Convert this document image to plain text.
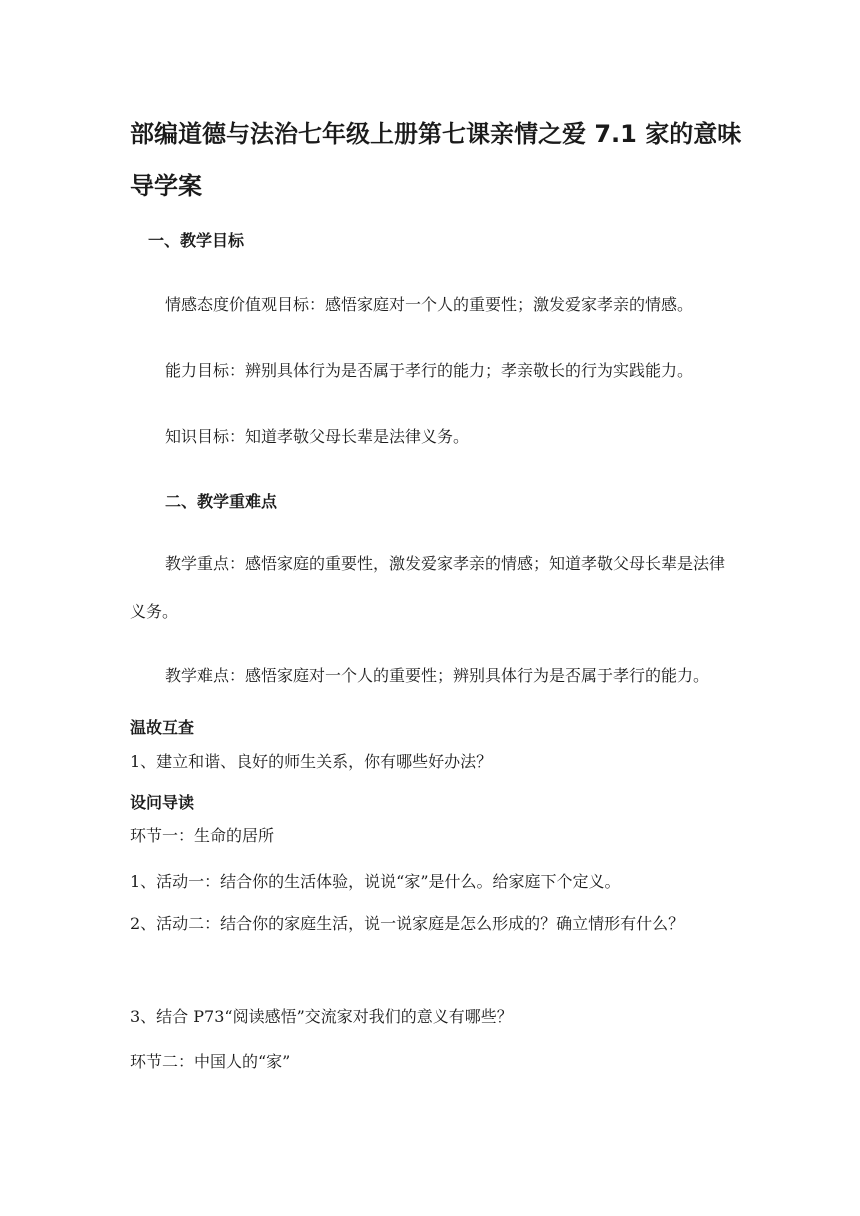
部编道德与法治七年级上册第七课亲情之爱 7.1 家的意味导学案
一、教学目标

情感态度价值观目标：感悟家庭对一个人的重要性；激发爱家孝亲的情感。

能力目标：辨别具体行为是否属于孝行的能力；孝亲敬长的行为实践能力。

知识目标：知道孝敬父母长辈是法律义务。

二、教学重难点

教学重点：感悟家庭的重要性，激发爱家孝亲的情感；知道孝敬父母长辈是法律义务。

教学难点：感悟家庭对一个人的重要性；辨别具体行为是否属于孝行的能力。

温故互查

1、建立和谐、良好的师生关系，你有哪些好办法？

设问导读

环节一：生命的居所

1、活动一：结合你的生活体验，说说“家”是什么。给家庭下个定义。

2、活动二：结合你的家庭生活，说一说家庭是怎么形成的？确立情形有什么？

3、结合 P73“阅读感悟”交流家对我们的意义有哪些？

环节二：中国人的“家”
